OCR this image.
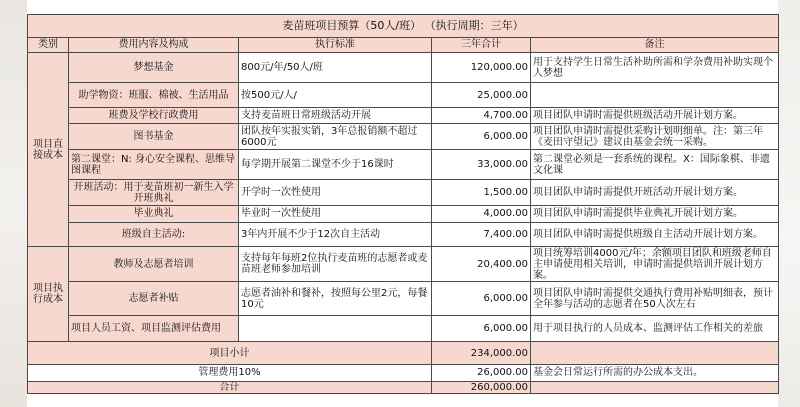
麦苗班项目预算（50人/班） （执行周期：三年）				
类别	费用内容及构成	执行标准	三年合计	备注
项目直接成本	梦想基金	800元/年/50人/班	120,000.00	用于支持学生日常生活补助所需和学杂费用补助实现个人梦想
	助学物资：班服、棉被、生活用品	按500元/人/	25,000.00	
	班费及学校行政费用	支持麦苗班日常班级活动开展	4,700.00	项目团队申请时需提供班级活动开展计划方案。
	图书基金	团队按年实报实销，3年总报销额不超过6000元	6,000.00	项目团队申请时需提供采购计划明细单。注：第三年《麦田守望记》建议由基金会统一采购。
	第二课堂：N: 身心安全课程、思维导图课程	每学期开展第二课堂不少于16课时	33,000.00	第二课堂必须是一套系统的课程。X：国际象棋、非遗文化课
	开班活动：用于麦苗班初一新生入学开班典礼	开学时一次性使用	1,500.00	项目团队申请时需提供开班活动开展计划方案。
	毕业典礼	毕业时一次性使用	4,000.00	项目团队申请时需提供毕业典礼开展计划方案。
	班级自主活动:	3年内开展不少于12次自主活动	7,400.00	项目团队申请时需提供班级自主活动开展计划方案。
项目执行成本	教师及志愿者培训	支持每年每班2位执行麦苗班的志愿者或麦苗班老师参加培训	20,400.00	项目统筹培训4000元/年；余额项目团队和班级老师自主申请使用相关培训，申请时需提供培训开展计划方案。
	志愿者补贴	志愿者油补和餐补，按照每公里2元，每餐10元	6,000.00	项目团队申请时需提供交通执行费用补贴明细表，预计全年参与活动的志愿者在50人次左右
	项目人员工资、项目监测评估费用		6,000.00	用于项目执行的人员成本、监测评估工作相关的差旅
项目小计			234,000.00	
管理费用10%			26,000.00	基金会日常运行所需的办公成本支出。
合计			260,000.00	
